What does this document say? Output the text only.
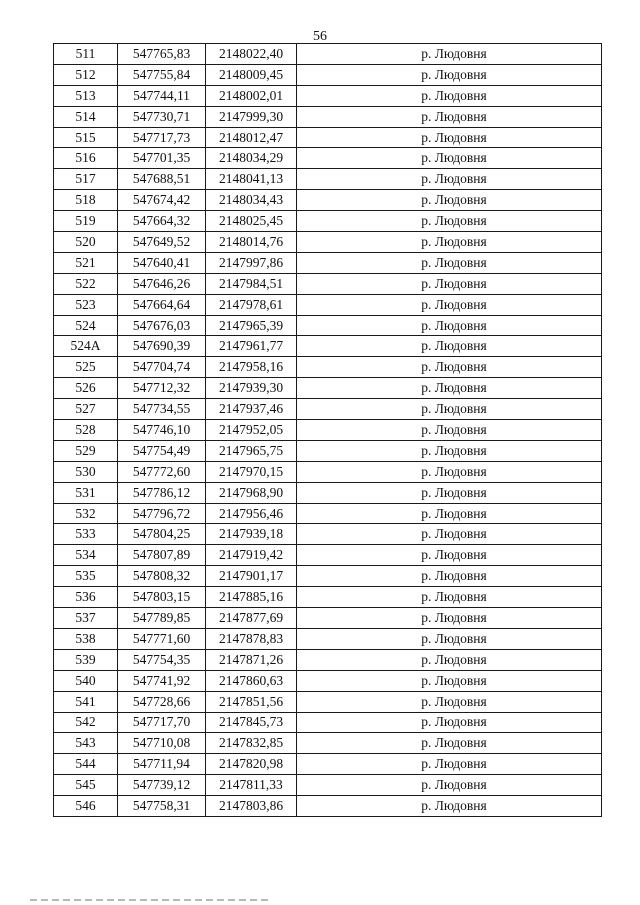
56
511	547765,83	2148022,40	р. Людовня
512	547755,84	2148009,45	р. Людовня
513	547744,11	2148002,01	р. Людовня
514	547730,71	2147999,30	р. Людовня
515	547717,73	2148012,47	р. Людовня
516	547701,35	2148034,29	р. Людовня
517	547688,51	2148041,13	р. Людовня
518	547674,42	2148034,43	р. Людовня
519	547664,32	2148025,45	р. Людовня
520	547649,52	2148014,76	р. Людовня
521	547640,41	2147997,86	р. Людовня
522	547646,26	2147984,51	р. Людовня
523	547664,64	2147978,61	р. Людовня
524	547676,03	2147965,39	р. Людовня
524А	547690,39	2147961,77	р. Людовня
525	547704,74	2147958,16	р. Людовня
526	547712,32	2147939,30	р. Людовня
527	547734,55	2147937,46	р. Людовня
528	547746,10	2147952,05	р. Людовня
529	547754,49	2147965,75	р. Людовня
530	547772,60	2147970,15	р. Людовня
531	547786,12	2147968,90	р. Людовня
532	547796,72	2147956,46	р. Людовня
533	547804,25	2147939,18	р. Людовня
534	547807,89	2147919,42	р. Людовня
535	547808,32	2147901,17	р. Людовня
536	547803,15	2147885,16	р. Людовня
537	547789,85	2147877,69	р. Людовня
538	547771,60	2147878,83	р. Людовня
539	547754,35	2147871,26	р. Людовня
540	547741,92	2147860,63	р. Людовня
541	547728,66	2147851,56	р. Людовня
542	547717,70	2147845,73	р. Людовня
543	547710,08	2147832,85	р. Людовня
544	547711,94	2147820,98	р. Людовня
545	547739,12	2147811,33	р. Людовня
546	547758,31	2147803,86	р. Людовня
